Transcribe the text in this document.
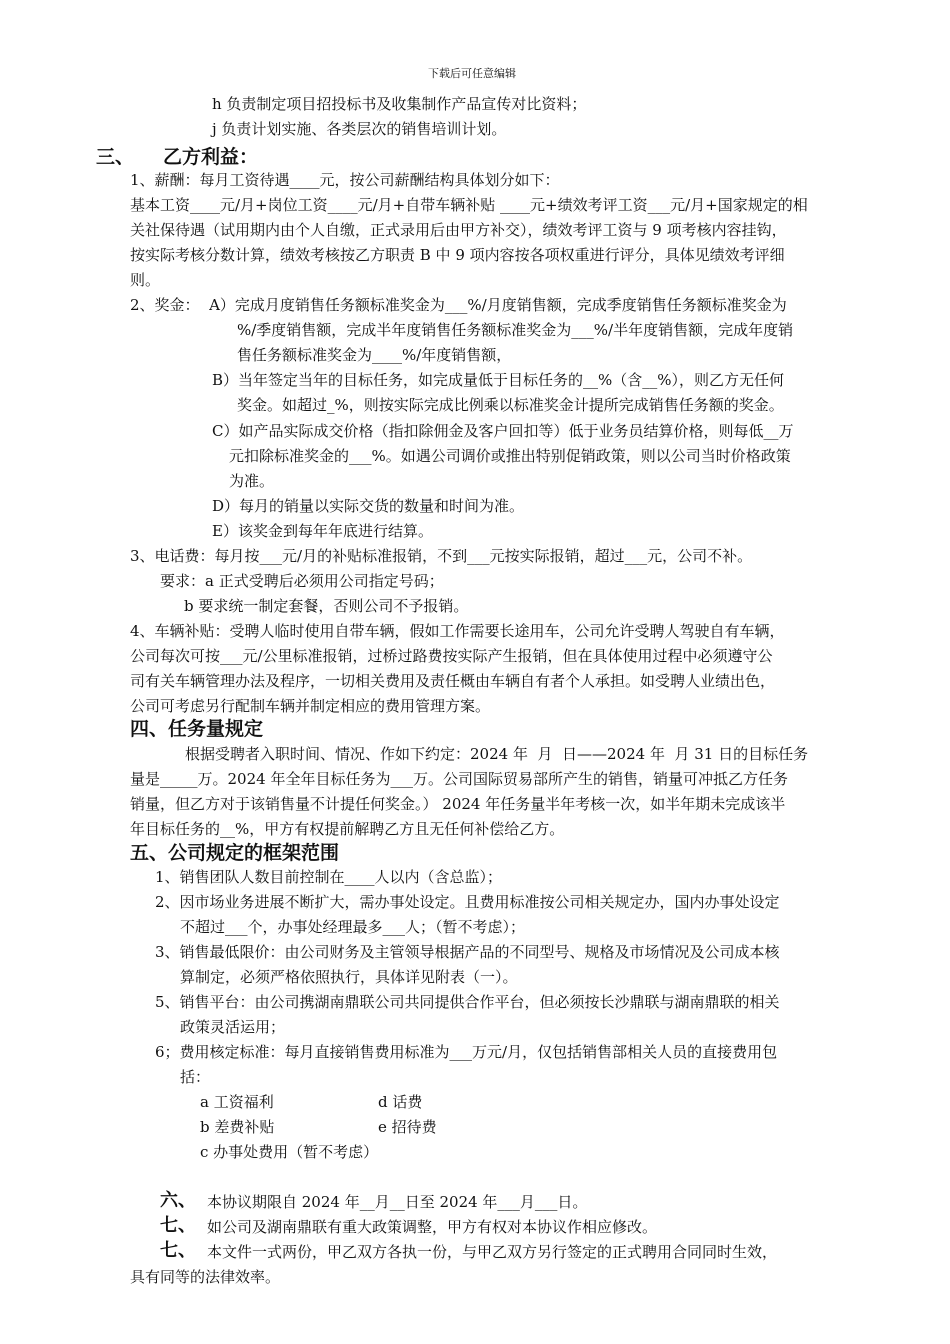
下载后可任意编辑
h 负责制定项目招投标书及收集制作产品宣传对比资料；
j 负责计划实施、各类层次的销售培训计划。
三、 乙方利益：
1、薪酬：每月工资待遇____元，按公司薪酬结构具体划分如下：
基本工资____元/月+岗位工资____元/月+自带车辆补贴 ____元+绩效考评工资___元/月+国家规定的相
关社保待遇（试用期内由个人自缴，正式录用后由甲方补交），绩效考评工资与 9 项考核内容挂钩，
按实际考核分数计算，绩效考核按乙方职责 B 中 9 项内容按各项权重进行评分，具体见绩效考评细
则。
2、奖金：  A）完成月度销售任务额标准奖金为___%/月度销售额，完成季度销售任务额标准奖金为
%/季度销售额，完成半年度销售任务额标准奖金为___%/半年度销售额，完成年度销
售任务额标准奖金为____%/年度销售额，
B）当年签定当年的目标任务，如完成量低于目标任务的__%（含__%），则乙方无任何
奖金。如超过_%，则按实际完成比例乘以标准奖金计提所完成销售任务额的奖金。
C）如产品实际成交价格（指扣除佣金及客户回扣等）低于业务员结算价格，则每低__万
元扣除标准奖金的___%。如遇公司调价或推出特别促销政策，则以公司当时价格政策
为准。
D）每月的销量以实际交货的数量和时间为准。
E）该奖金到每年年底进行结算。
3、电话费：每月按___元/月的补贴标准报销，不到___元按实际报销，超过___元，公司不补。
要求：a 正式受聘后必须用公司指定号码；
b 要求统一制定套餐，否则公司不予报销。
4、车辆补贴：受聘人临时使用自带车辆，假如工作需要长途用车，公司允许受聘人驾驶自有车辆，
公司每次可按___元/公里标准报销，过桥过路费按实际产生报销，但在具体使用过程中必须遵守公
司有关车辆管理办法及程序，一切相关费用及责任概由车辆自有者个人承担。如受聘人业绩出色，
公司可考虑另行配制车辆并制定相应的费用管理方案。
四、任务量规定
根据受聘者入职时间、情况、作如下约定：2024 年  月  日——2024 年  月 31 日的目标任务
量是_____万。2024 年全年目标任务为___万。公司国际贸易部所产生的销售，销量可冲抵乙方任务
销量，但乙方对于该销售量不计提任何奖金。） 2024 年任务量半年考核一次，如半年期未完成该半
年目标任务的__%，甲方有权提前解聘乙方且无任何补偿给乙方。
五、公司规定的框架范围
1、销售团队人数目前控制在____人以内（含总监）；
2、因市场业务进展不断扩大，需办事处设定。且费用标准按公司相关规定办，国内办事处设定
不超过___个，办事处经理最多___人；（暂不考虑）；
3、销售最低限价：由公司财务及主管领导根据产品的不同型号、规格及市场情况及公司成本核
算制定，必须严格依照执行，具体详见附表（一）。
5、销售平台：由公司携湖南鼎联公司共同提供合作平台，但必须按长沙鼎联与湖南鼎联的相关
政策灵活运用；
6；费用核定标准：每月直接销售费用标准为___万元/月，仅包括销售部相关人员的直接费用包
括：
a 工资福利	d 话费
b 差费补贴	e 招待费
c 办事处费用（暂不考虑）
六、 本协议期限自 2024 年__月__日至 2024 年___月___日。
七、 如公司及湖南鼎联有重大政策调整，甲方有权对本协议作相应修改。
七、 本文件一式两份，甲乙双方各执一份，与甲乙双方另行签定的正式聘用合同同时生效，
具有同等的法律效率。
